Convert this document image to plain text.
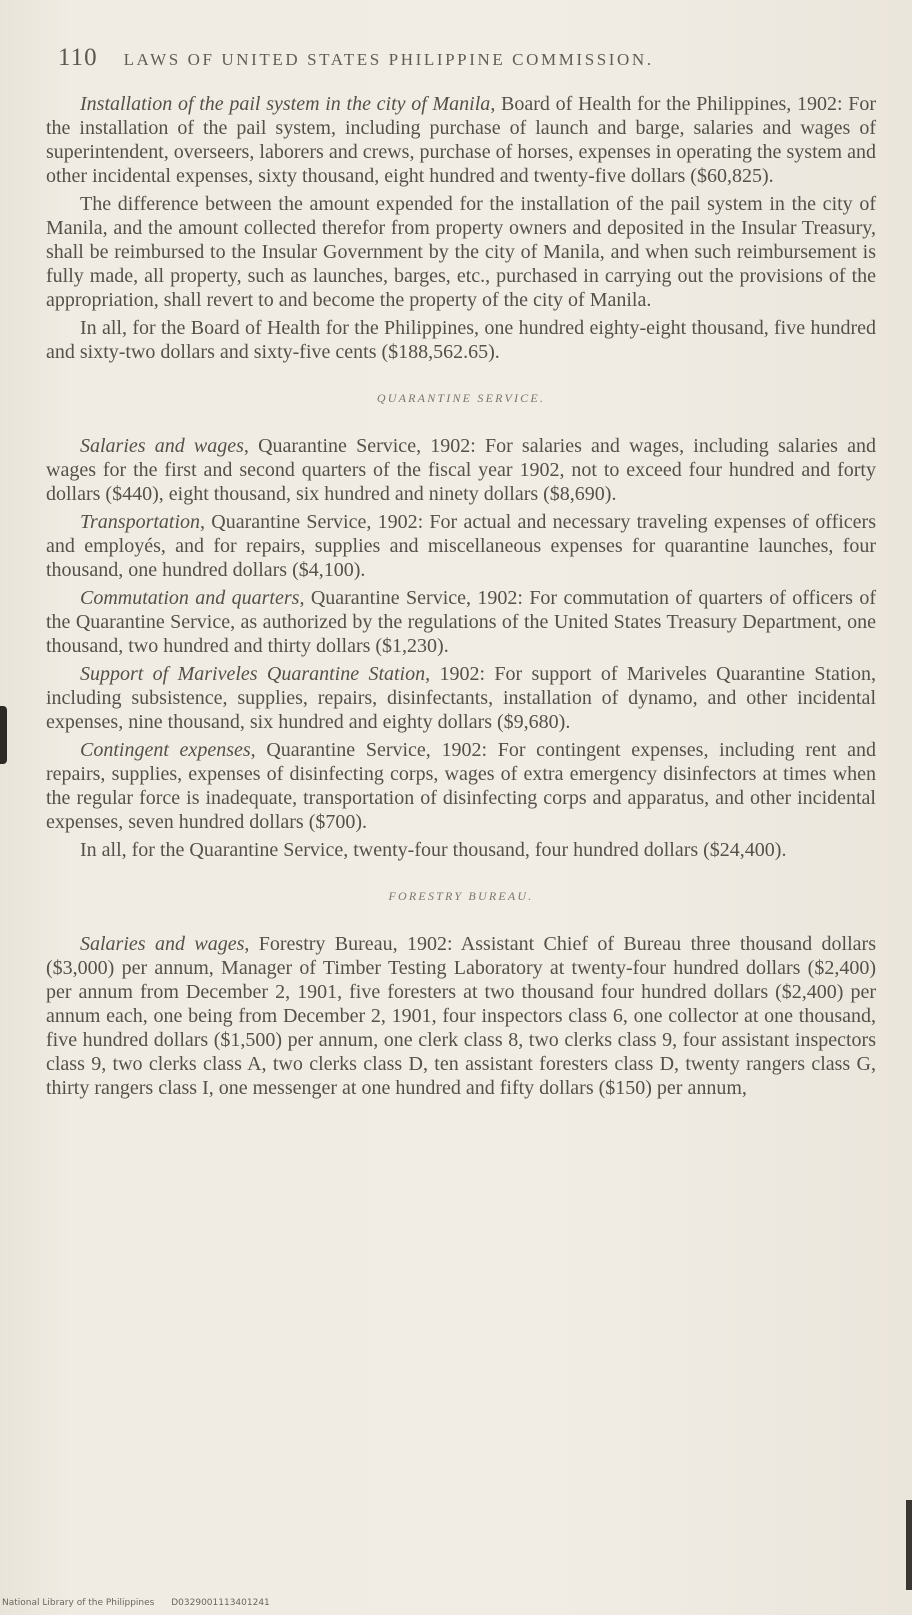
110 LAWS OF UNITED STATES PHILIPPINE COMMISSION.

Installation of the pail system in the city of Manila, Board of Health for the Philippines, 1902: For the installation of the pail system, including purchase of launch and barge, salaries and wages of superintendent, overseers, laborers and crews, purchase of horses, expenses in operating the system and other incidental expenses, sixty thousand, eight hundred and twenty-five dollars ($60,825).

The difference between the amount expended for the installation of the pail system in the city of Manila, and the amount collected therefor from property owners and deposited in the Insular Treasury, shall be reimbursed to the Insular Government by the city of Manila, and when such reimbursement is fully made, all property, such as launches, barges, etc., purchased in carrying out the provisions of the appropriation, shall revert to and become the property of the city of Manila.

In all, for the Board of Health for the Philippines, one hundred eighty-eight thousand, five hundred and sixty-two dollars and sixty-five cents ($188,562.65).

QUARANTINE SERVICE.

Salaries and wages, Quarantine Service, 1902: For salaries and wages, including salaries and wages for the first and second quarters of the fiscal year 1902, not to exceed four hundred and forty dollars ($440), eight thousand, six hundred and ninety dollars ($8,690).

Transportation, Quarantine Service, 1902: For actual and necessary traveling expenses of officers and employés, and for repairs, supplies and miscellaneous expenses for quarantine launches, four thousand, one hundred dollars ($4,100).

Commutation and quarters, Quarantine Service, 1902: For commutation of quarters of officers of the Quarantine Service, as authorized by the regulations of the United States Treasury Department, one thousand, two hundred and thirty dollars ($1,230).

Support of Mariveles Quarantine Station, 1902: For support of Mariveles Quarantine Station, including subsistence, supplies, repairs, disinfectants, installation of dynamo, and other incidental expenses, nine thousand, six hundred and eighty dollars ($9,680).

Contingent expenses, Quarantine Service, 1902: For contingent expenses, including rent and repairs, supplies, expenses of disinfecting corps, wages of extra emergency disinfectors at times when the regular force is inadequate, transportation of disinfecting corps and apparatus, and other incidental expenses, seven hundred dollars ($700).

In all, for the Quarantine Service, twenty-four thousand, four hundred dollars ($24,400).

FORESTRY BUREAU.

Salaries and wages, Forestry Bureau, 1902: Assistant Chief of Bureau three thousand dollars ($3,000) per annum, Manager of Timber Testing Laboratory at twenty-four hundred dollars ($2,400) per annum from December 2, 1901, five foresters at two thousand four hundred dollars ($2,400) per annum each, one being from December 2, 1901, four inspectors class 6, one collector at one thousand, five hundred dollars ($1,500) per annum, one clerk class 8, two clerks class 9, four assistant inspectors class 9, two clerks class A, two clerks class D, ten assistant foresters class D, twenty rangers class G, thirty rangers class I, one messenger at one hundred and fifty dollars ($150) per annum,

National Library of the Philippines D0329001113401241
